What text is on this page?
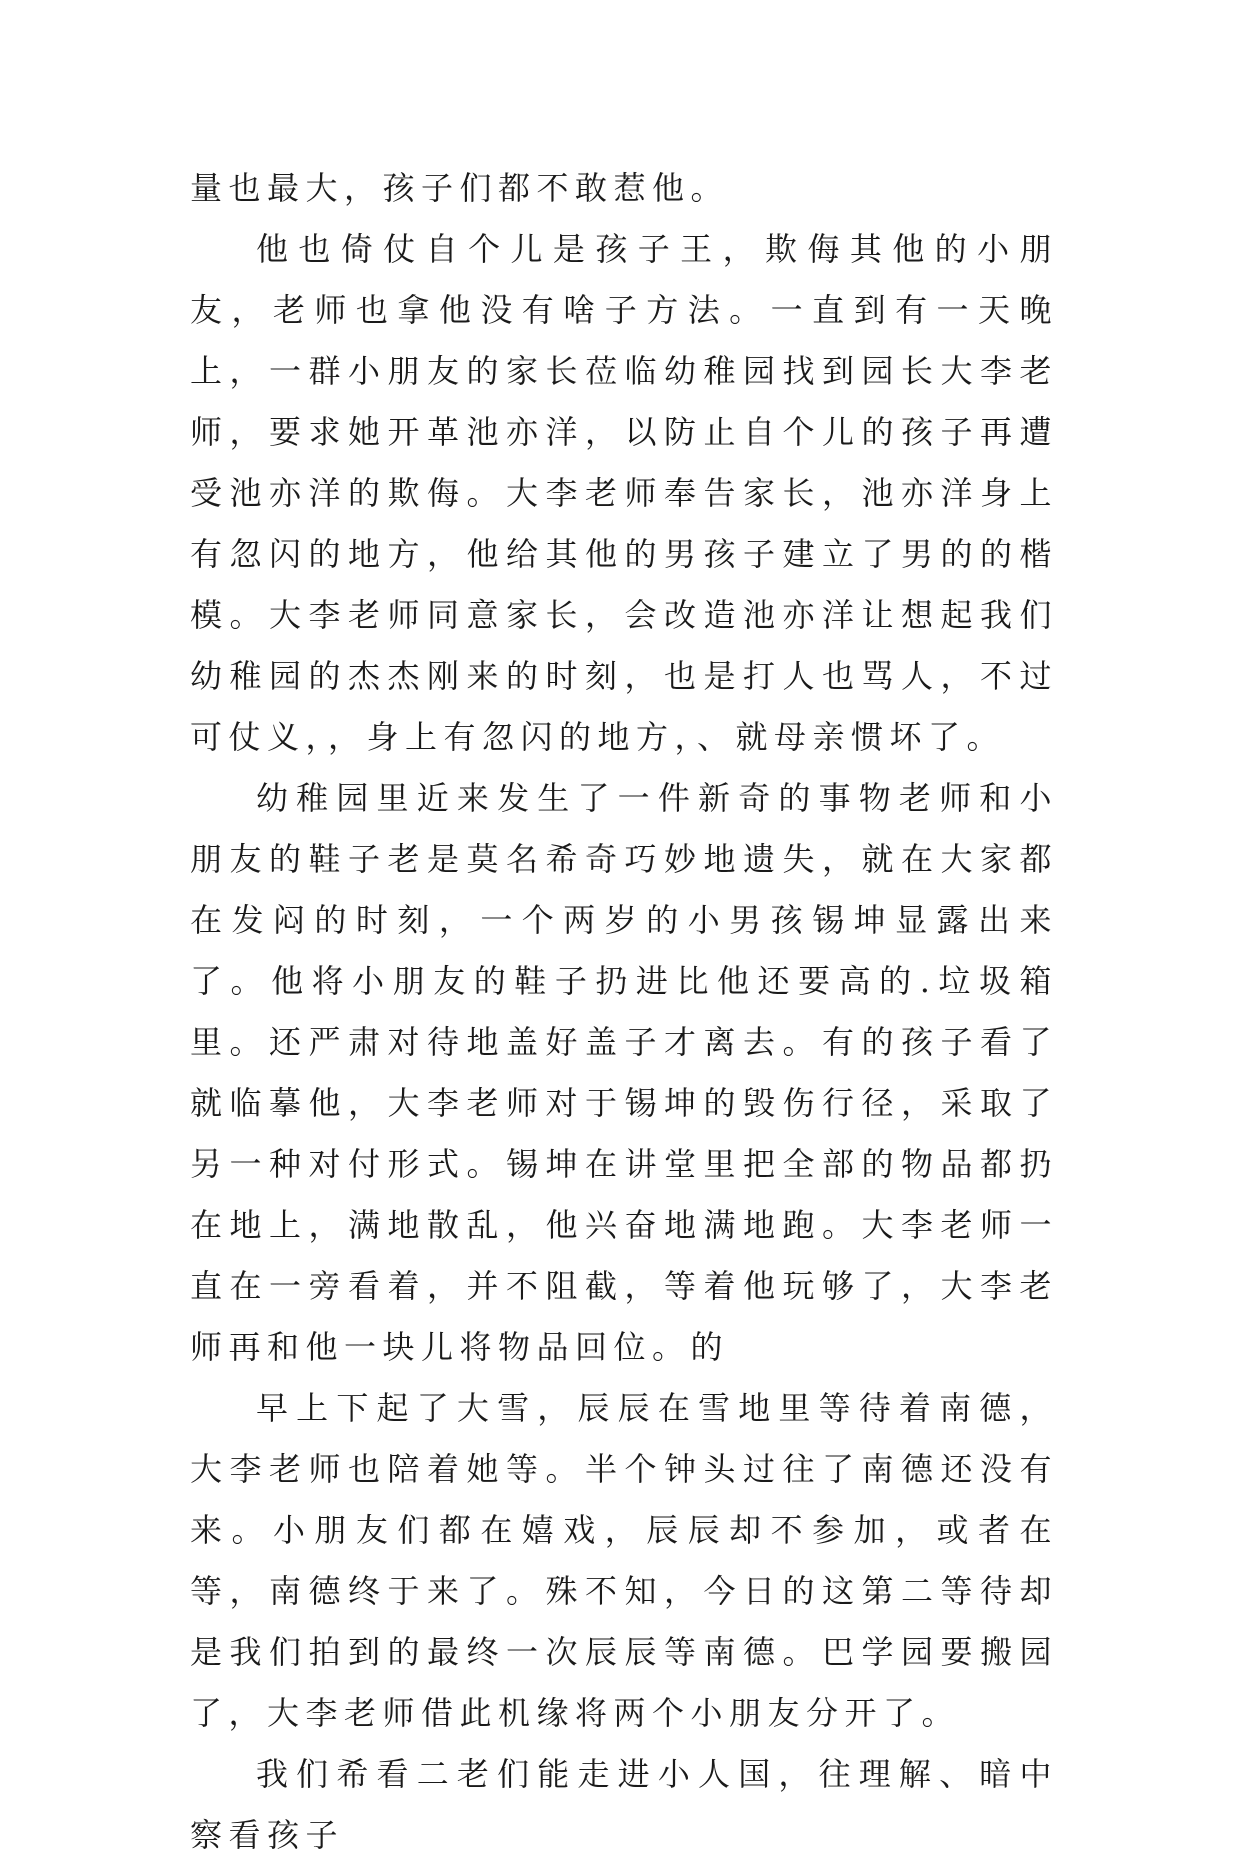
量也最大，孩子们都不敢惹他。

他也倚仗自个儿是孩子王，欺侮其他的小朋友，老师也拿他没有啥子方法。一直到有一天晚上，一群小朋友的家长莅临幼稚园找到园长大李老师，要求她开革池亦洋，以防止自个儿的孩子再遭受池亦洋的欺侮。大李老师奉告家长，池亦洋身上有忽闪的地方，他给其他的男孩子建立了男的的楷模。大李老师同意家长，会改造池亦洋让想起我们幼稚园的杰杰刚来的时刻，也是打人也骂人，不过可仗义，，身上有忽闪的地方，、就母亲惯坏了。

幼稚园里近来发生了一件新奇的事物老师和小朋友的鞋子老是莫名希奇巧妙地遗失，就在大家都在发闷的时刻，一个两岁的小男孩锡坤显露出来了。他将小朋友的鞋子扔进比他还要高的.垃圾箱里。还严肃对待地盖好盖子才离去。有的孩子看了就临摹他，大李老师对于锡坤的毁伤行径，采取了另一种对付形式。锡坤在讲堂里把全部的物品都扔在地上，满地散乱，他兴奋地满地跑。大李老师一直在一旁看着，并不阻截，等着他玩够了，大李老师再和他一块儿将物品回位。的

早上下起了大雪，辰辰在雪地里等待着南德，大李老师也陪着她等。半个钟头过往了南德还没有来。小朋友们都在嬉戏，辰辰却不参加，或者在等，南德终于来了。殊不知，今日的这第二等待却是我们拍到的最终一次辰辰等南德。巴学园要搬园了，大李老师借此机缘将两个小朋友分开了。

我们希看二老们能走进小人国，往理解、暗中察看孩子
